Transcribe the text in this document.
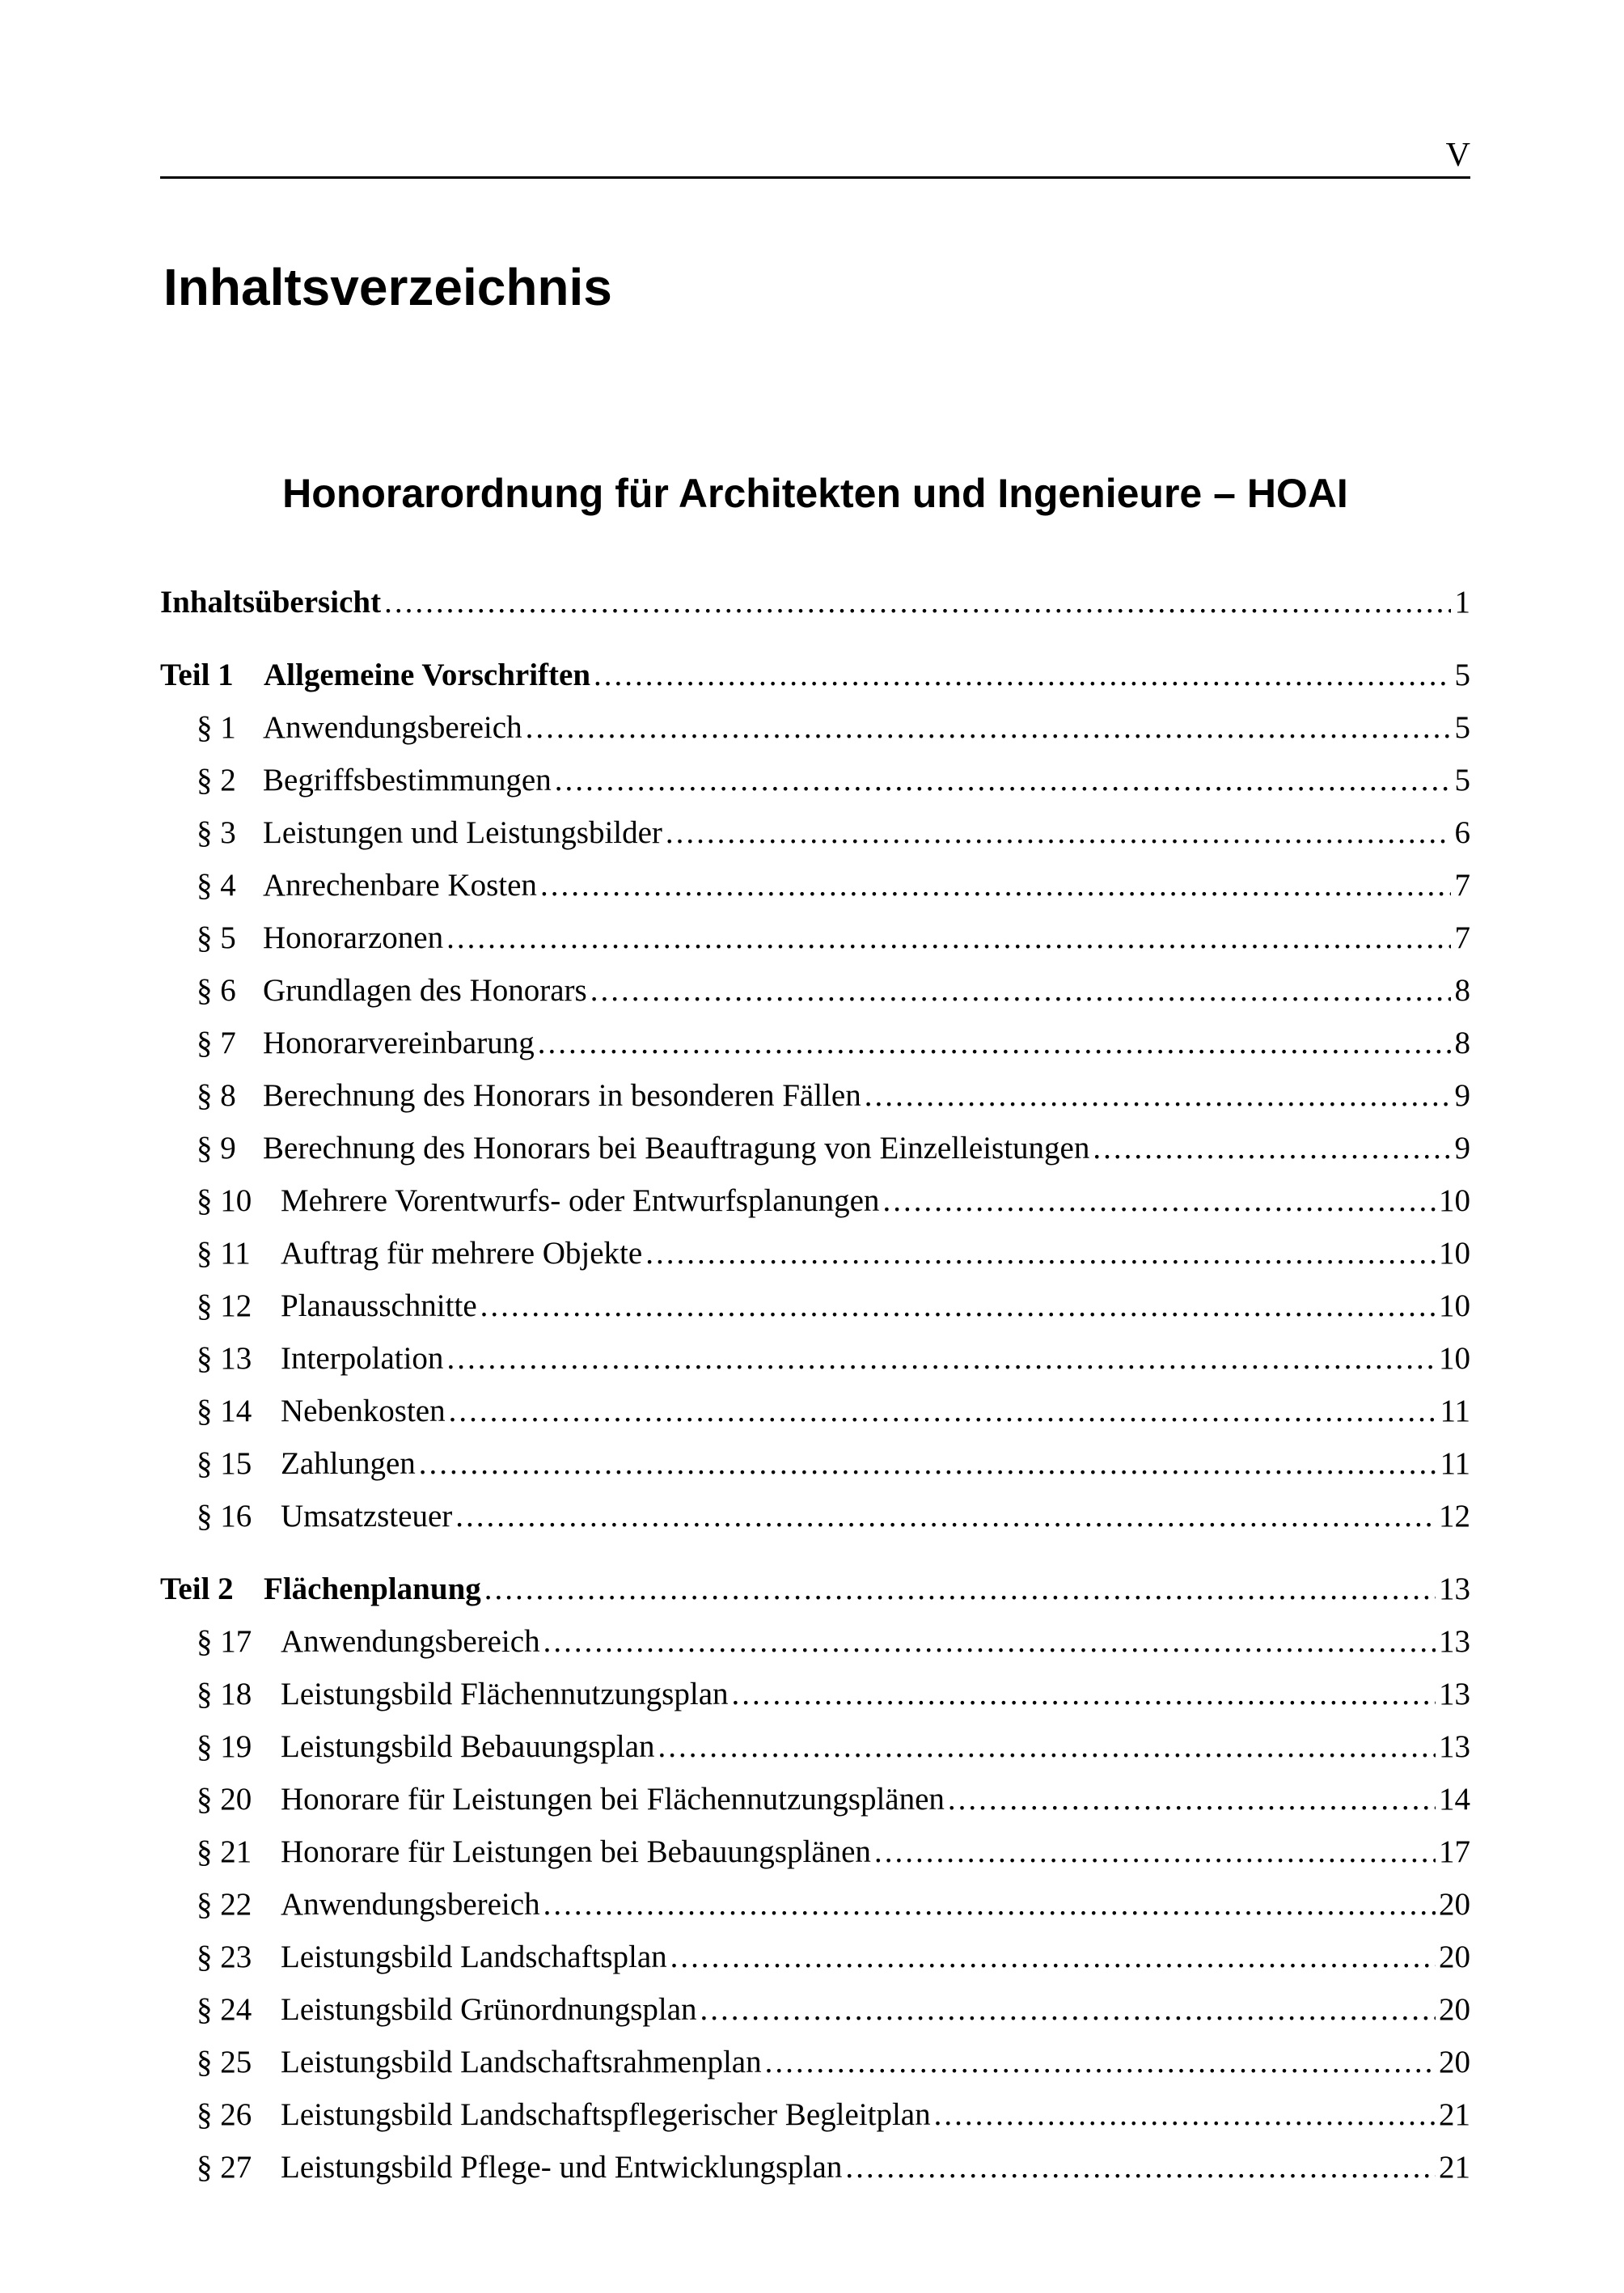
V
Inhaltsverzeichnis
Honorarordnung für Architekten und Ingenieure – HOAI
Inhaltsübersicht .....	1
Teil 1 Allgemeine Vorschriften .....	5
§ 1 Anwendungsbereich .....	5
§ 2 Begriffsbestimmungen .....	5
§ 3 Leistungen und Leistungsbilder .....	6
§ 4 Anrechenbare Kosten .....	7
§ 5 Honorarzonen .....	7
§ 6 Grundlagen des Honorars .....	8
§ 7 Honorarvereinbarung .....	8
§ 8 Berechnung des Honorars in besonderen Fällen .....	9
§ 9 Berechnung des Honorars bei Beauftragung von Einzelleistungen .....	9
§ 10 Mehrere Vorentwurfs- oder Entwurfsplanungen .....	10
§ 11 Auftrag für mehrere Objekte .....	10
§ 12 Planausschnitte .....	10
§ 13 Interpolation .....	10
§ 14 Nebenkosten .....	11
§ 15 Zahlungen .....	11
§ 16 Umsatzsteuer .....	12
Teil 2 Flächenplanung .....	13
§ 17 Anwendungsbereich .....	13
§ 18 Leistungsbild Flächennutzungsplan .....	13
§ 19 Leistungsbild Bebauungsplan .....	13
§ 20 Honorare für Leistungen bei Flächennutzungsplänen .....	14
§ 21 Honorare für Leistungen bei Bebauungsplänen .....	17
§ 22 Anwendungsbereich .....	20
§ 23 Leistungsbild Landschaftsplan .....	20
§ 24 Leistungsbild Grünordnungsplan .....	20
§ 25 Leistungsbild Landschaftsrahmenplan .....	20
§ 26 Leistungsbild Landschaftspflegerischer Begleitplan .....	21
§ 27 Leistungsbild Pflege- und Entwicklungsplan .....	21
